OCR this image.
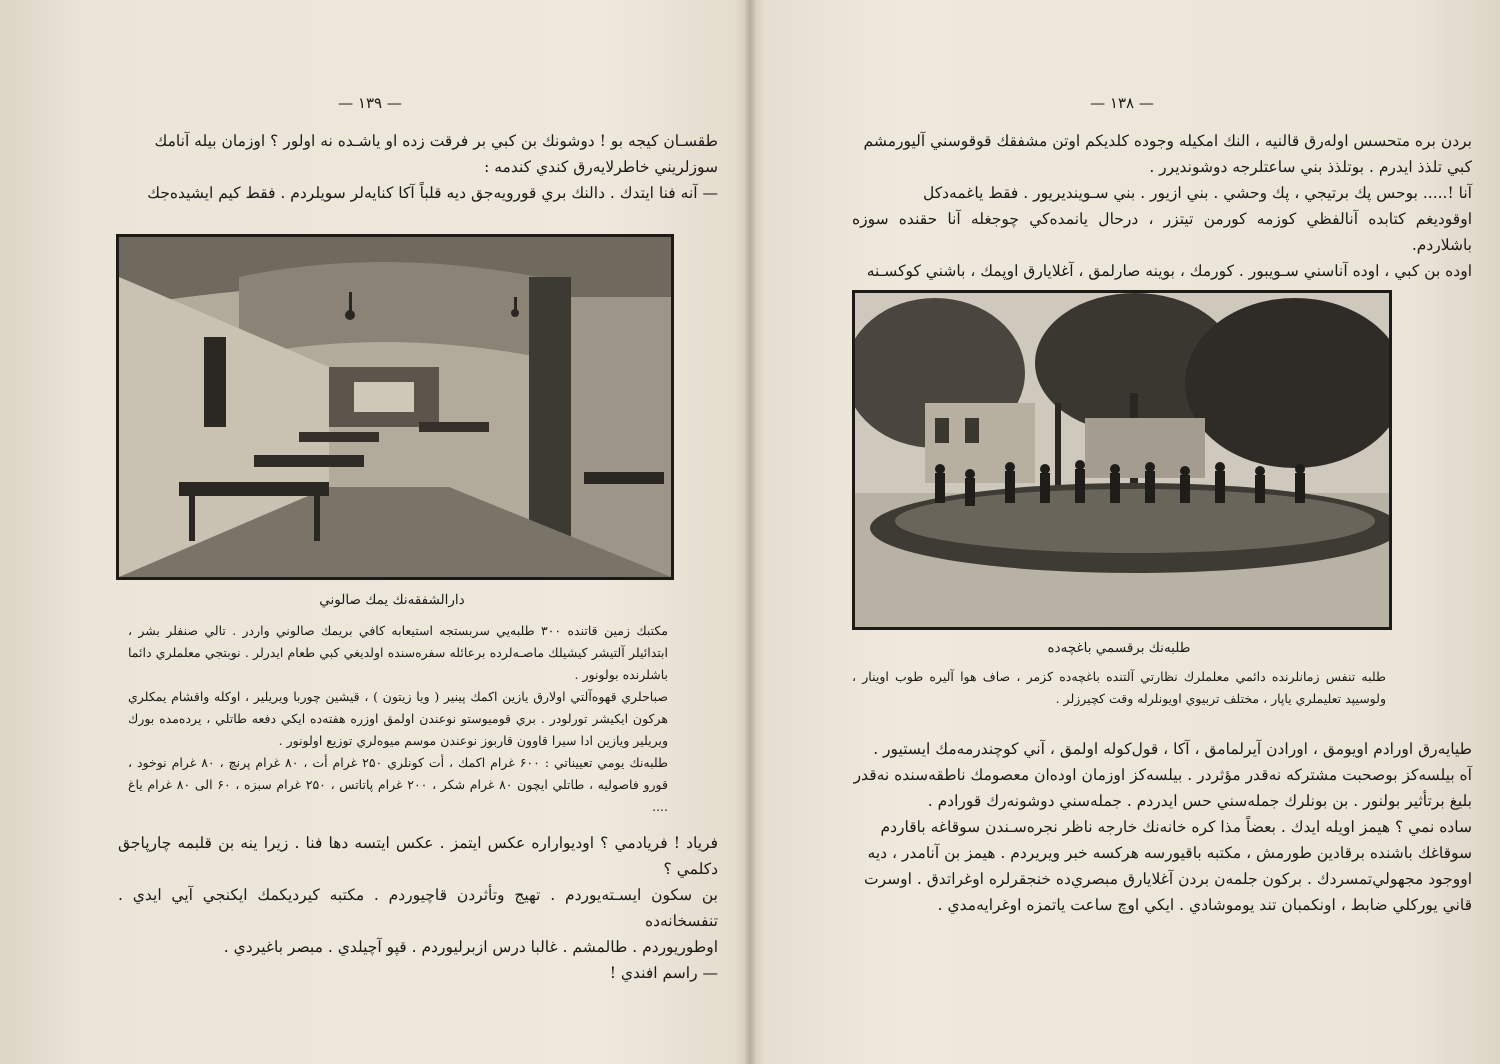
— ۱۳۹ —

طقسـان كيجه بو ! دوشونك بن كبي بر فرقت زده او ياشـده نه اولور ؟ اوزمان بيله آنامك

سوزلريني خاطرلايه‌رق كندي كندمه :

— آنه فنا ايتدك . دالنك بري قورويه‌جق ديه قلباً آكا كنايه‌لر سويلردم . فقط كيم ايشيده‌جك

دارالشفقه‌نك يمك صالوني

مكتبك زمين قاتنده ۳۰۰ طلبه‌يي سربستجه استيعابه كافي بريمك صالوني واردر . تالي صنفلر بشر ، ابتدائيلر آلتيشر كيشيلك ماصـه‌لرده برعائله سفره‌سنده اولديغي كبي طعام ايدرلر . نوبتجي معلملري دائما باشلرنده بولونور .

صباحلري قهوه‌آلتي اولارق يازين اكمك پينير ( ويا زيتون ) ، قيشين چوربا ويريلير ، اوكله واقشام يمكلري هركون ايكيشر تورلودر . بري قوميوستو نوعندن اولمق اوزره هفته‌ده ايكي دفعه طاتلي ، يرده‌مده بورك ويريلير ويازين ادا سيرا قاوون قاربوز نوعندن موسم ميوه‌لري توزيع اولونور .

طلبه‌نك يومي تعييناتي : ۶۰۰ غرام اكمك ، أت كونلري ۲۵۰ غرام أت ، ۸۰ غرام پرنچ ، ۸۰ غرام نوخود ، قورو فاصوليه ، طاتلي ايچون ۸۰ غرام شكر ، ۲۰۰ غرام پاتاتس ، ۲۵۰ غرام سبزه ، ۶۰ الى ۸۰ غرام ياغ ....

فرياد ! فريادمي ؟ اوديواراره عكس ايتمز . عكس ايتسه دها فنا . زيرا ينه بن قلبمه چارپاجق دكلمي ؟

بن سكون ايسـته‌يوردم . تهيج وتأثردن قاچيوردم . مكتبه كيرديكمك ايكنجي آيي ايدي . تنفسخانه‌ده

اوطوريوردم . طالمشم . غالبا درس ازبرليوردم . قپو آچيلدي . مبصر باغيردي .

— راسم افندي !

— ۱۳۸ —

بردن بره متحسس اوله‌رق قالنيه ، النك امكيله وجوده كلديكم اوتن مشفقك قوقوسني آليورمشم

كبي تلذذ ايدرم . بوتلذذ بني ساعتلرجه دوشونديرر .

آنا !..... بوحس پك برتيجي ، پك وحشي . بني ازيور . بني سـوينديريور . فقط ياغمه‌دكل

اوقوديغم كتابده آنالفظي كوزمه كورمن تيتزر ، درحال يانمده‌كي چوجغله آنا حقنده سوزه باشلاردم.

اوده بن كبي ، اوده آناسني سـويبور . كورمك ، بوينه صارلمق ، آغلايارق اوپمك ، باشني كوكسـنه

طلبه‌نك برقسمي باغچه‌ده

طلبه تنفس زمانلرنده دائمي معلملرك نظارتي آلتنده باغچه‌ده كزمر ، صاف هوا آليره طوب اوينار ، ولوسيپد تعليملري ياپار ، مختلف تربيوي اويونلرله وقت كچيرزلر .

طيايه‌رق اورادم اويومق ، اورادن آيرلمامق ، آكا ، قول‌كوله اولمق ، آني كوچندرمه‌مك ايستيور .

آه بيلسه‌كز بوصحبت مشتركه نه‌قدر مؤثردر . بيلسه‌كز اوزمان اوده‌ان معصومك ناطقه‌سنده نه‌قدر

بليغ برتأثير بولنور . بن بونلرك جمله‌سني حس ايدردم . جمله‌سني دوشونه‌رك قورادم .

ساده نمي ؟ هيمز اويله ايدك . بعضاً مذا كره خانه‌نك خارجه ناظر نجره‌سـندن سوقاغه باقاردم

سوقاغك باشنده برقادين طورمش ، مكتبه باقيورسه هركسه خبر ويريردم . هيمز بن آنامدر ، ديه

اووجود مجهولي‌تمسردك . بركون جلمه‌ن بردن آغلايارق مبصري‌ده خنجقرلره اوغراتدق . اوسرت

قاني يوركلي ضابط ، اونكمبان تند يوموشادي . ايكي اوچ ساعت ياتمزه اوغرايه‌مدي .
